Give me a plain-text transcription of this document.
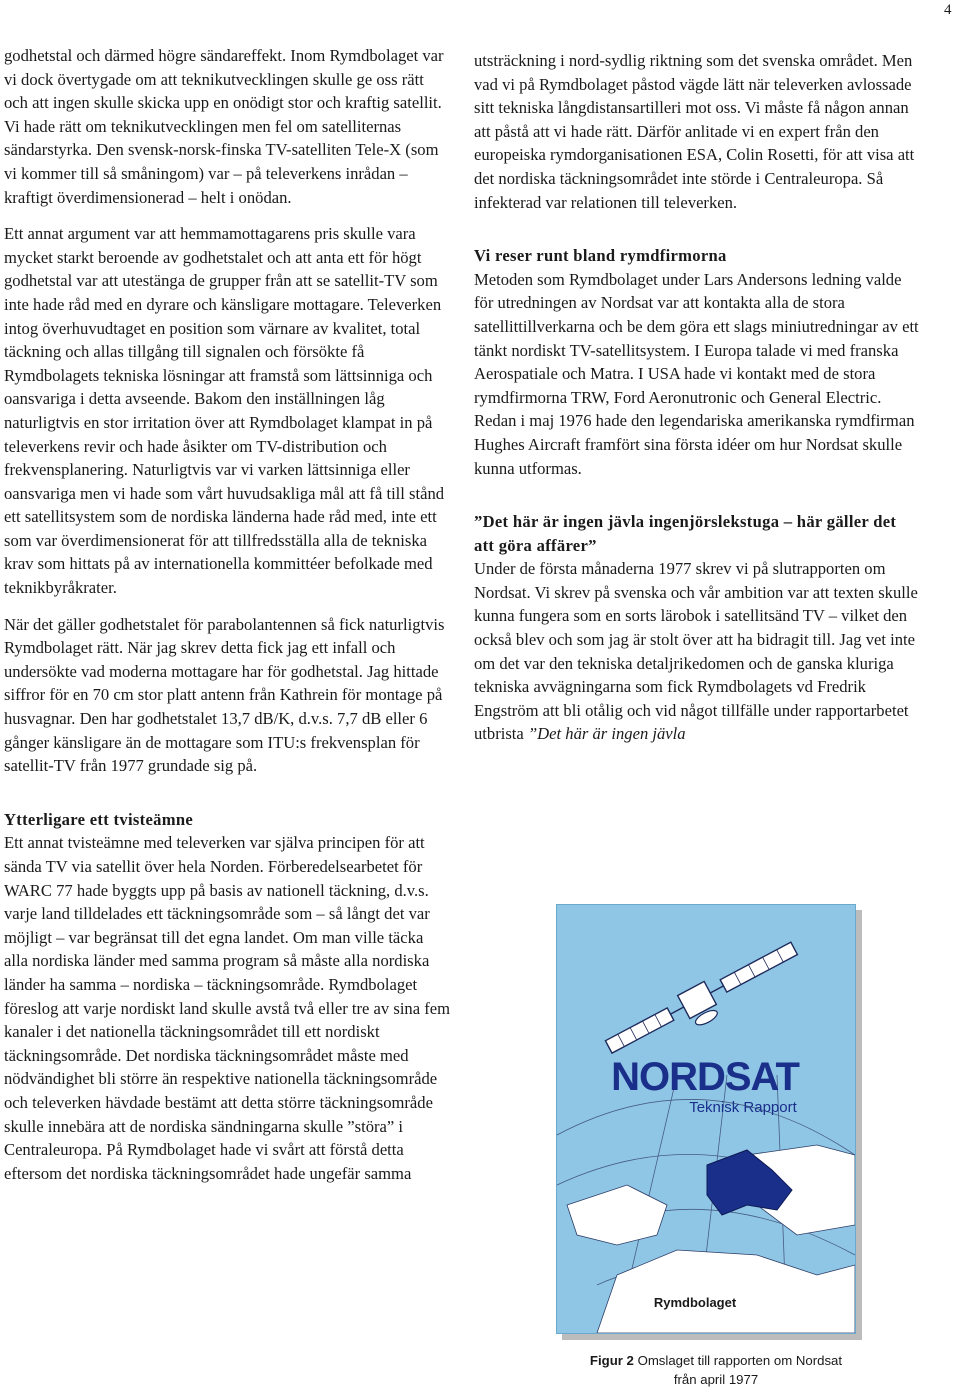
4

godhetstal och därmed högre sändareffekt. Inom Rymdbolaget var vi dock övertygade om att teknikutvecklingen skulle ge oss rätt och att ingen skulle skicka upp en onödigt stor och kraftig satellit. Vi hade rätt om teknikutvecklingen men fel om satelliternas sändarstyrka. Den svensk-norsk-finska TV-satelliten Tele-X (som vi kommer till så småningom) var – på televerkens inrådan – kraftigt överdimensionerad – helt i onödan.

Ett annat argument var att hemmamottagarens pris skulle vara mycket starkt beroende av godhetstalet och att anta ett för högt godhetstal var att utestänga de grupper från att se satellit-TV som inte hade råd med en dyrare och känsligare mottagare. Televerken intog överhuvudtaget en position som värnare av kvalitet, total täckning och allas tillgång till signalen och försökte få Rymdbolagets tekniska lösningar att framstå som lättsinniga och oansvariga i detta avseende. Bakom den inställningen låg naturligtvis en stor irritation över att Rymdbolaget klampat in på televerkens revir och hade åsikter om TV-distribution och frekvensplanering. Naturligtvis var vi varken lättsinniga eller oansvariga men vi hade som vårt huvudsakliga mål att få till stånd ett satellitsystem som de nordiska länderna hade råd med, inte ett som var överdimensionerat för att tillfredsställa alla de tekniska krav som hittats på av internationella kommittéer befolkade med teknikbyråkrater.

När det gäller godhetstalet för parabolantennen så fick naturligtvis Rymdbolaget rätt. När jag skrev detta fick jag ett infall och undersökte vad moderna mottagare har för godhetstal. Jag hittade siffror för en 70 cm stor platt antenn från Kathrein för montage på husvagnar. Den har godhetstalet 13,7 dB/K, d.v.s. 7,7 dB eller 6 gånger känsligare än de mottagare som ITU:s frekvensplan för satellit-TV från 1977 grundade sig på.

Ytterligare ett tvisteämne

Ett annat tvisteämne med televerken var själva principen för att sända TV via satellit över hela Norden. Förberedelsearbetet för WARC 77 hade byggts upp på basis av nationell täckning, d.v.s. varje land tilldelades ett täckningsområde som – så långt det var möjligt – var begränsat till det egna landet. Om man ville täcka alla nordiska länder med samma program så måste alla nordiska länder ha samma – nordiska – täckningsområde. Rymdbolaget föreslog att varje nordiskt land skulle avstå två eller tre av sina fem kanaler i det nationella täckningsområdet till ett nordiskt täckningsområde. Det nordiska täckningsområdet måste med nödvändighet bli större än respektive nationella täckningsområde och televerken hävdade bestämt att detta större täckningsområde skulle innebära att de nordiska sändningarna skulle ”störa” i Centraleuropa. På Rymdbolaget hade vi svårt att förstå detta eftersom det nordiska täckningsområdet hade ungefär samma

utsträckning i nord-sydlig riktning som det svenska området. Men vad vi på Rymdbolaget påstod vägde lätt när televerken avlossade sitt tekniska långdistansartilleri mot oss. Vi måste få någon annan att påstå att vi hade rätt. Därför anlitade vi en expert från den europeiska rymdorganisationen ESA, Colin Rosetti, för att visa att det nordiska täckningsområdet inte störde i Centraleuropa. Så infekterad var relationen till televerken.

Vi reser runt bland rymdfirmorna

Metoden som Rymdbolaget under Lars Andersons ledning valde för utredningen av Nordsat var att kontakta alla de stora satellittillverkarna och be dem göra ett slags miniutredningar av ett tänkt nordiskt TV-satellitsystem. I Europa talade vi med franska Aerospatiale och Matra. I USA hade vi kontakt med de stora rymdfirmorna TRW, Ford Aeronutronic och General Electric. Redan i maj 1976 hade den legendariska amerikanska rymdfirman Hughes Aircraft framfört sina första idéer om hur Nordsat skulle kunna utformas.

”Det här är ingen jävla ingenjörslekstuga – här gäller det att göra affärer”

Under de första månaderna 1977 skrev vi på slutrapporten om Nordsat. Vi skrev på svenska och vår ambition var att texten skulle kunna fungera som en sorts lärobok i satellitsänd TV – vilket den också blev och som jag är stolt över att ha bidragit till. Jag vet inte om det var den tekniska detaljrikedomen och de ganska kluriga tekniska avvägningarna som fick Rymdbolagets vd Fredrik Engström att bli otålig och vid något tillfälle under rapportarbetet utbrista ”Det här är ingen jävla

NORDSAT
Teknisk Rapport
Rymdbolaget
Figur 2 Omslaget till rapporten om Nordsat
från april 1977
